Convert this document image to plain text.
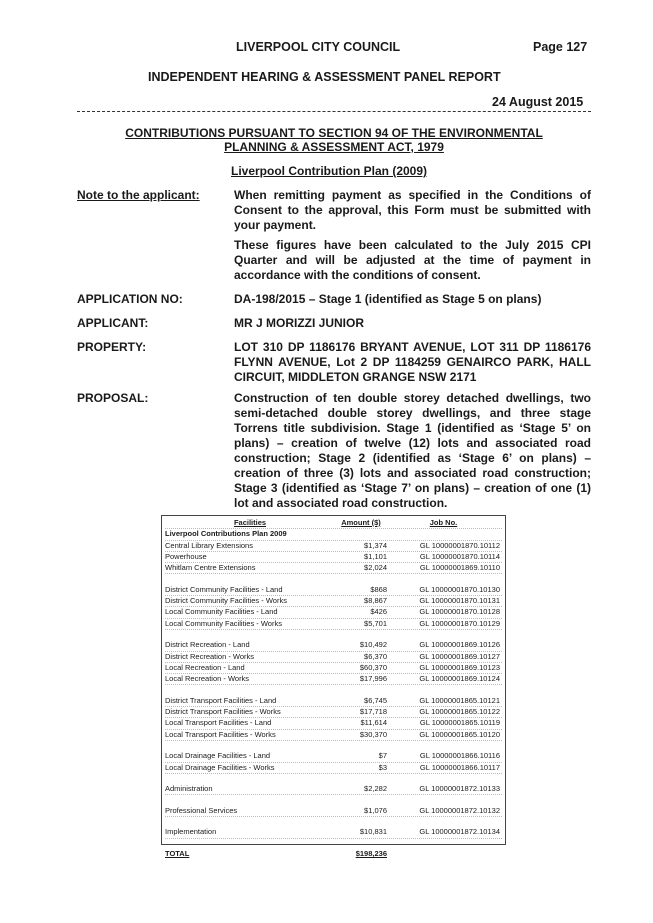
LIVERPOOL CITY COUNCIL	Page 127
INDEPENDENT HEARING & ASSESSMENT PANEL REPORT
24 August 2015
CONTRIBUTIONS PURSUANT TO SECTION 94 OF THE ENVIRONMENTAL
PLANNING & ASSESSMENT ACT, 1979
Liverpool Contribution Plan (2009)
Note to the applicant:	When remitting payment as specified in the Conditions of Consent to the approval, this Form must be submitted with your payment.
These figures have been calculated to the July 2015 CPI Quarter and will be adjusted at the time of payment in accordance with the conditions of consent.
APPLICATION NO:	DA-198/2015 – Stage 1 (identified as Stage 5 on plans)
APPLICANT:	MR J MORIZZI JUNIOR
PROPERTY:	LOT 310 DP 1186176 BRYANT AVENUE, LOT 311 DP 1186176 FLYNN AVENUE, Lot 2 DP 1184259 GENAIRCO PARK, HALL CIRCUIT, MIDDLETON GRANGE NSW 2171
PROPOSAL:	Construction of ten double storey detached dwellings, two semi-detached double storey dwellings, and three stage Torrens title subdivision. Stage 1 (identified as ‘Stage 5’ on plans) – creation of twelve (12) lots and associated road construction; Stage 2 (identified as ‘Stage 6’ on plans) – creation of three (3) lots and associated road construction; Stage 3 (identified as ‘Stage 7’ on plans) – creation of one (1) lot and associated road construction.
Facilities	Amount ($)	Job No.
Liverpool Contributions Plan 2009
Central Library Extensions	$1,374	GL 10000001870.10112
Powerhouse	$1,101	GL 10000001870.10114
Whitlam Centre Extensions	$2,024	GL 10000001869.10110
District Community Facilities - Land	$868	GL 10000001870.10130
District Community Facilities - Works	$8,867	GL 10000001870.10131
Local Community Facilities - Land	$426	GL 10000001870.10128
Local Community Facilities - Works	$5,701	GL 10000001870.10129
District Recreation - Land	$10,492	GL 10000001869.10126
District Recreation - Works	$6,370	GL 10000001869.10127
Local Recreation - Land	$60,370	GL 10000001869.10123
Local Recreation - Works	$17,996	GL 10000001869.10124
District Transport Facilities - Land	$6,745	GL 10000001865.10121
District Transport Facilities - Works	$17,718	GL 10000001865.10122
Local Transport Facilities - Land	$11,614	GL 10000001865.10119
Local Transport Facilities - Works	$30,370	GL 10000001865.10120
Local Drainage Facilities - Land	$7	GL 10000001866.10116
Local Drainage Facilities - Works	$3	GL 10000001866.10117
Administration	$2,282	GL 10000001872.10133
Professional Services	$1,076	GL 10000001872.10132
Implementation	$10,831	GL 10000001872.10134
TOTAL	$198,236
